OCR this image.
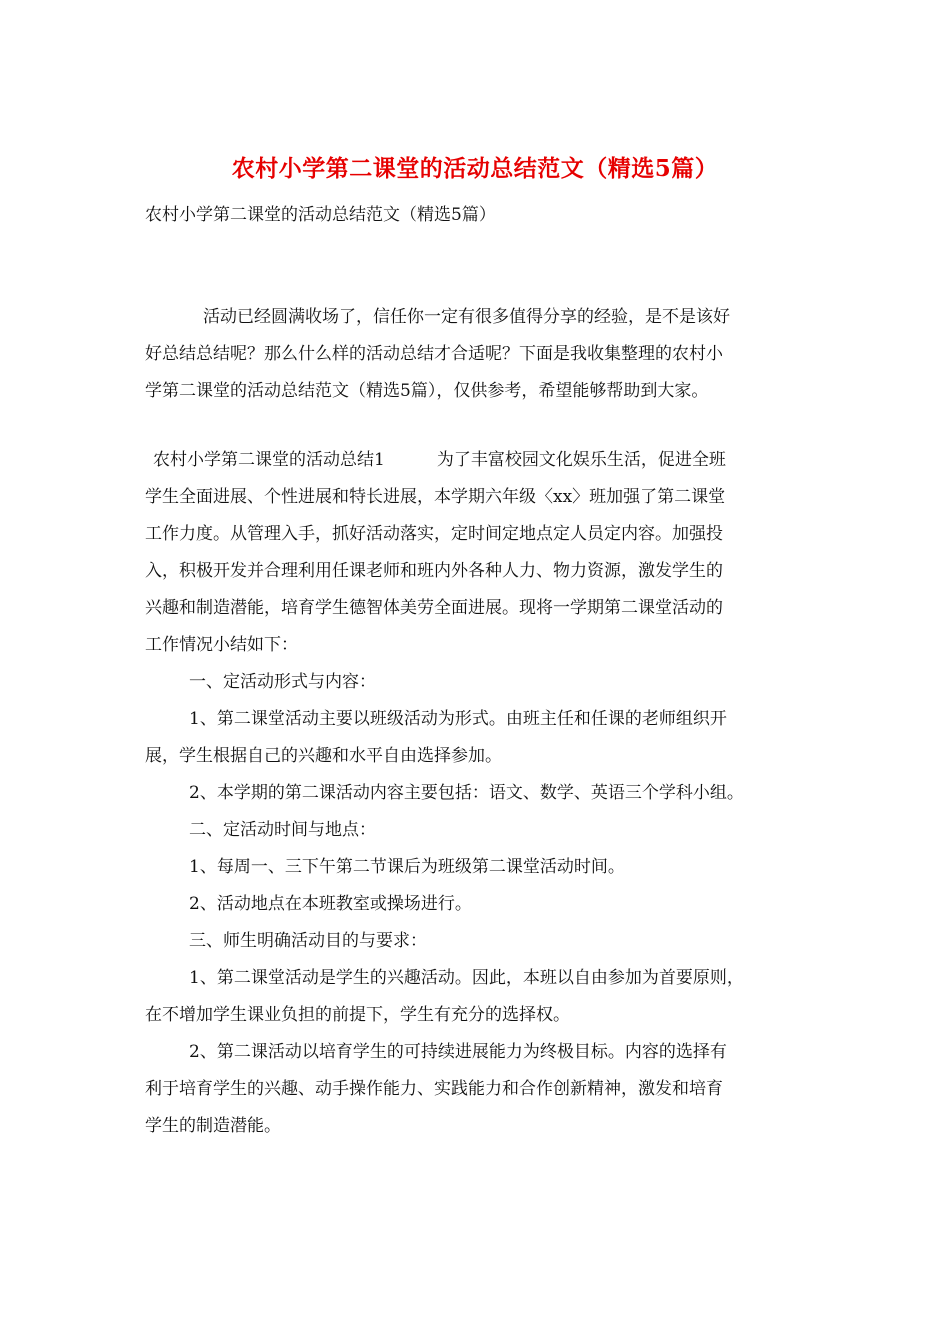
农村小学第二课堂的活动总结范文（精选5篇）
农村小学第二课堂的活动总结范文（精选5篇）
活动已经圆满收场了，信任你一定有很多值得分享的经验，是不是该好
好总结总结呢？那么什么样的活动总结才合适呢？下面是我收集整理的农村小
学第二课堂的活动总结范文（精选5篇），仅供参考，希望能够帮助到大家。
农村小学第二课堂的活动总结1	为了丰富校园文化娱乐生活，促进全班
学生全面进展、个性进展和特长进展，本学期六年级〈xx〉班加强了第二课堂
工作力度。从管理入手，抓好活动落实，定时间定地点定人员定内容。加强投
入，积极开发并合理利用任课老师和班内外各种人力、物力资源，激发学生的
兴趣和制造潜能，培育学生德智体美劳全面进展。现将一学期第二课堂活动的
工作情况小结如下：
一、定活动形式与内容：
1、第二课堂活动主要以班级活动为形式。由班主任和任课的老师组织开
展，学生根据自己的兴趣和水平自由选择参加。
2、本学期的第二课活动内容主要包括：语文、数学、英语三个学科小组。
二、定活动时间与地点：
1、每周一、三下午第二节课后为班级第二课堂活动时间。
2、活动地点在本班教室或操场进行。
三、师生明确活动目的与要求：
1、第二课堂活动是学生的兴趣活动。因此，本班以自由参加为首要原则，
在不增加学生课业负担的前提下，学生有充分的选择权。
2、第二课活动以培育学生的可持续进展能力为终极目标。内容的选择有
利于培育学生的兴趣、动手操作能力、实践能力和合作创新精神，激发和培育
学生的制造潜能。
